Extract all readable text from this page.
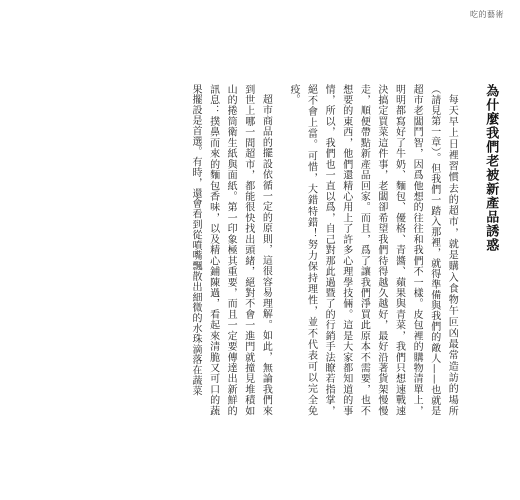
吃的藝術
為什麼我們老被新產品誘惑

每天早上日裡習慣去的超市，就是購入食物午叵凶最常造訪的場所（請見第一章）。但我們一踏入那裡，就得準備與我們的敵人——也就是超市老闆鬥智，因爲他想的往往和我們不一樣。皮包裡的購物清單上，明明都寫好了牛奶、麵包、優格、青醬、蘋果與青菜，我們只想速戰速決搞定買菜這件事，老闆卻希望我們待得越久越好，最好沿著貨架慢慢走，順便帶點新產品回家。而且，爲了讓我們淨買此原本不需要，也不想要的東西，他們還精心用上了許多心理學技倆。這是大家都知道的事情，所以，我們也一直以爲，自己對那此過暨了的行銷手法瞭若指掌，絕不會上當。可惜，大錯特錯！努力保持理性，並不代表可以完全免疫。

超市商品的擺設依循一定的原則，這很容易理解。如此，無論我們來到世上哪一間超市，都能很快找出頭緒，絕對不會一進門就撞見堆積如山的捲筒衛生紙與面紙。第一印象極其重要，而且一定要傳達出新鮮的訊息：撲鼻而來的麵包香味，以及精心鋪陳過，看起來清脆又可口的蔬果擺設是首選。有時，還會看到從噴嘴飄散出細微的水珠滴落在蔬菜
